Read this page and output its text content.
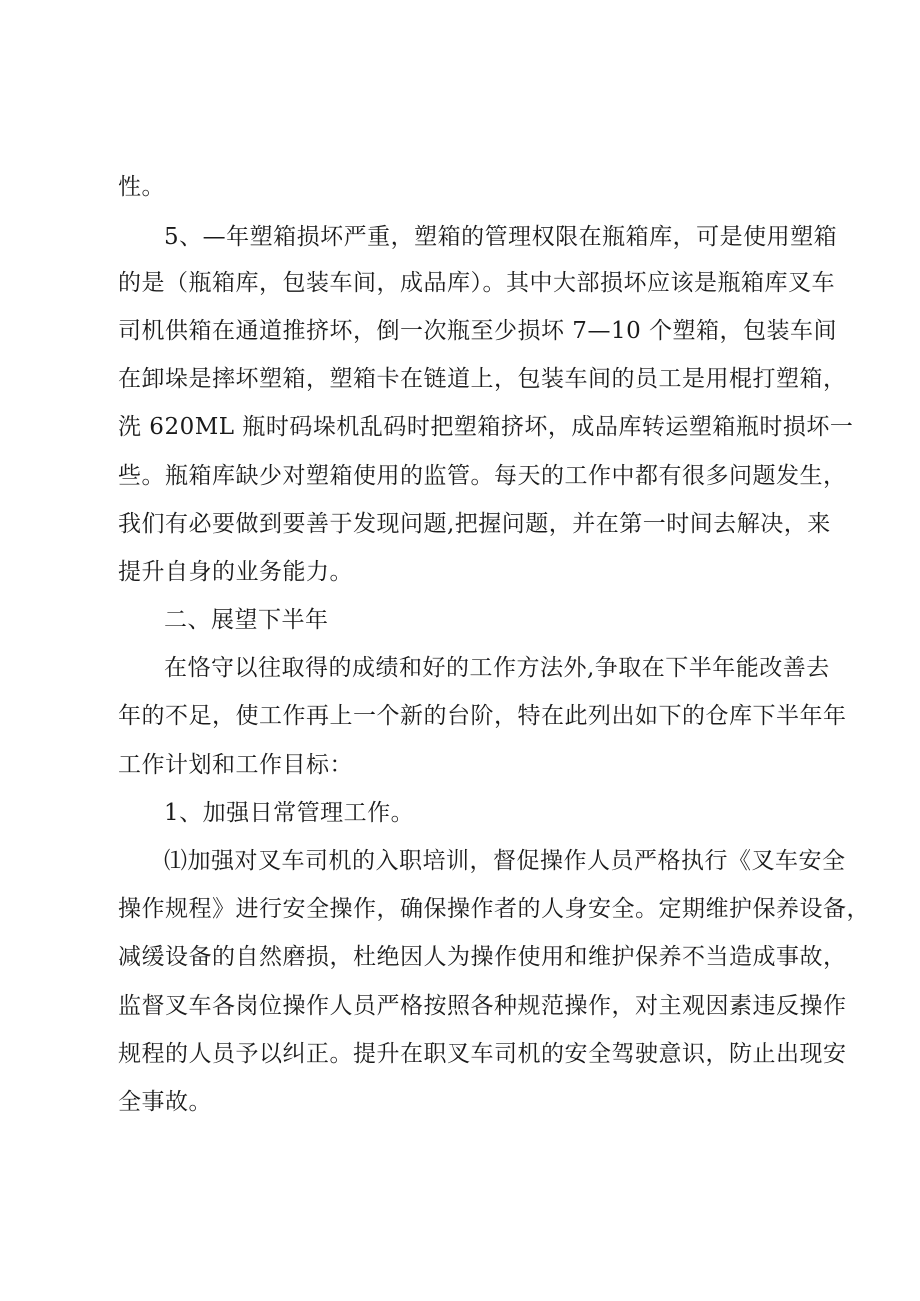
性。
5、—年塑箱损坏严重，塑箱的管理权限在瓶箱库，可是使用塑箱
的是（瓶箱库，包装车间，成品库）。其中大部损坏应该是瓶箱库叉车
司机供箱在通道推挤坏，倒一次瓶至少损坏 7—10 个塑箱，包装车间
在卸垛是摔坏塑箱，塑箱卡在链道上，包装车间的员工是用棍打塑箱，
洗 620ML 瓶时码垛机乱码时把塑箱挤坏，成品库转运塑箱瓶时损坏一
些。瓶箱库缺少对塑箱使用的监管。每天的工作中都有很多问题发生，
我们有必要做到要善于发现问题,把握问题，并在第一时间去解决，来
提升自身的业务能力。
二、展望下半年
在恪守以往取得的成绩和好的工作方法外,争取在下半年能改善去
年的不足，使工作再上一个新的台阶，特在此列出如下的仓库下半年年
工作计划和工作目标：
1、加强日常管理工作。
⑴加强对叉车司机的入职培训，督促操作人员严格执行《叉车安全
操作规程》进行安全操作，确保操作者的人身安全。定期维护保养设备，
减缓设备的自然磨损，杜绝因人为操作使用和维护保养不当造成事故，
监督叉车各岗位操作人员严格按照各种规范操作，对主观因素违反操作
规程的人员予以纠正。提升在职叉车司机的安全驾驶意识，防止出现安
全事故。
